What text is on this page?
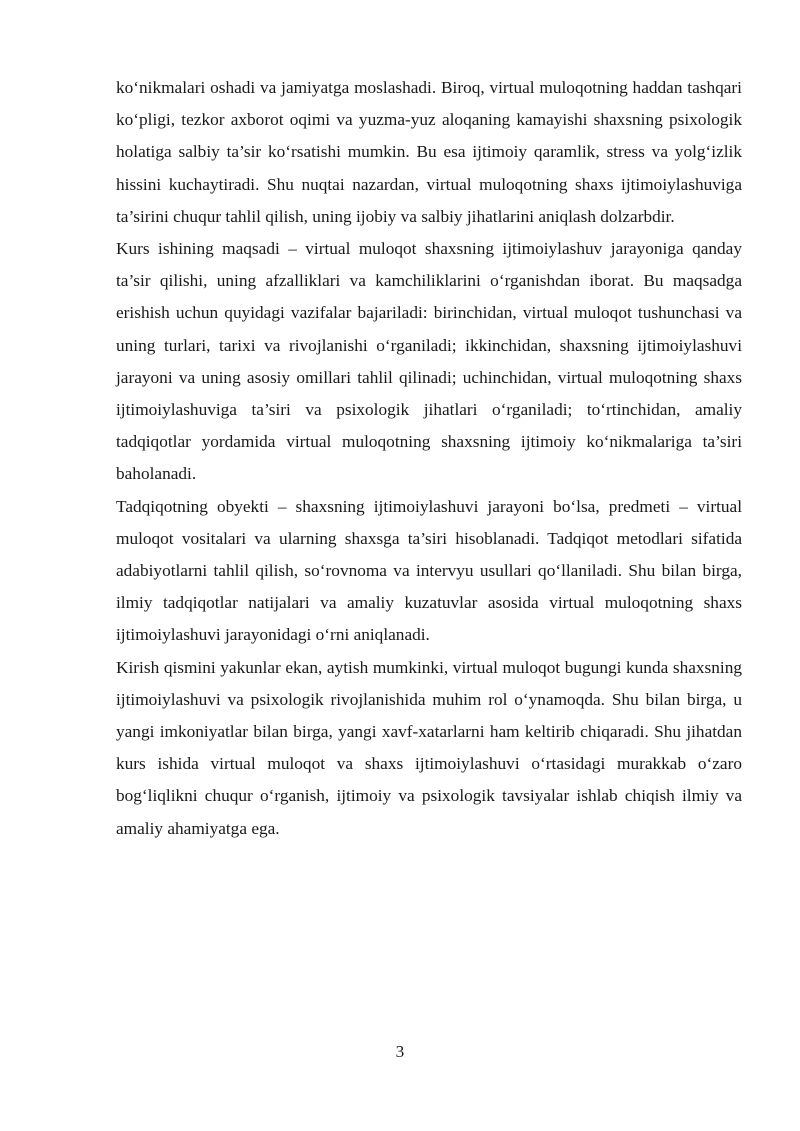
ko‘nikmalari oshadi va jamiyatga moslashadi. Biroq, virtual muloqotning haddan tashqari ko‘pligi, tezkor axborot oqimi va yuzma-yuz aloqaning kamayishi shaxsning psixologik holatiga salbiy ta’sir ko‘rsatishi mumkin. Bu esa ijtimoiy qaramlik, stress va yolg‘izlik hissini kuchaytiradi. Shu nuqtai nazardan, virtual muloqotning shaxs ijtimoiylashuviga ta’sirini chuqur tahlil qilish, uning ijobiy va salbiy jihatlarini aniqlash dolzarbdir.

Kurs ishining maqsadi – virtual muloqot shaxsning ijtimoiylashuv jarayoniga qanday ta’sir qilishi, uning afzalliklari va kamchiliklarini o‘rganishdan iborat. Bu maqsadga erishish uchun quyidagi vazifalar bajariladi: birinchidan, virtual muloqot tushunchasi va uning turlari, tarixi va rivojlanishi o‘rganiladi; ikkinchidan, shaxsning ijtimoiylashuvi jarayoni va uning asosiy omillari tahlil qilinadi; uchinchidan, virtual muloqotning shaxs ijtimoiylashuviga ta’siri va psixologik jihatlari o‘rganiladi; to‘rtinchidan, amaliy tadqiqotlar yordamida virtual muloqotning shaxsning ijtimoiy ko‘nikmalariga ta’siri baholanadi.

Tadqiqotning obyekti – shaxsning ijtimoiylashuvi jarayoni bo‘lsa, predmeti – virtual muloqot vositalari va ularning shaxsga ta’siri hisoblanadi. Tadqiqot metodlari sifatida adabiyotlarni tahlil qilish, so‘rovnoma va intervyu usullari qo‘llaniladi. Shu bilan birga, ilmiy tadqiqotlar natijalari va amaliy kuzatuvlar asosida virtual muloqotning shaxs ijtimoiylashuvi jarayonidagi o‘rni aniqlanadi.

Kirish qismini yakunlar ekan, aytish mumkinki, virtual muloqot bugungi kunda shaxsning ijtimoiylashuvi va psixologik rivojlanishida muhim rol o‘ynamoqda. Shu bilan birga, u yangi imkoniyatlar bilan birga, yangi xavf-xatarlarni ham keltirib chiqaradi. Shu jihatdan kurs ishida virtual muloqot va shaxs ijtimoiylashuvi o‘rtasidagi murakkab o‘zaro bog‘liqlikni chuqur o‘rganish, ijtimoiy va psixologik tavsiyalar ishlab chiqish ilmiy va amaliy ahamiyatga ega.

3
